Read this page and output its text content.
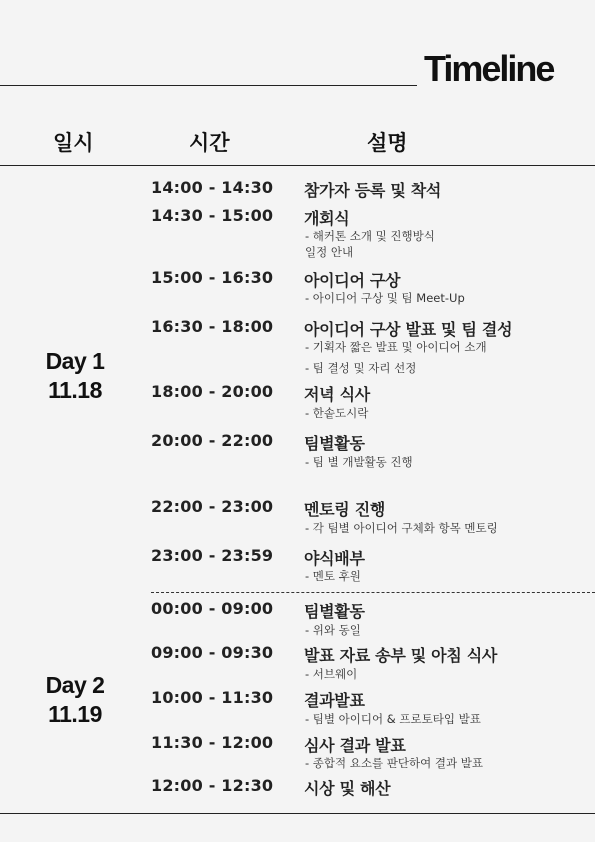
Timeline
일시	시간	설명
Day 1
11.18
Day 2
11.19
14:00 - 14:30 참가자 등록 및 착석
14:30 - 15:00 개회식
- 해커톤 소개 및 진행방식
일정 안내
15:00 - 16:30 아이디어 구상
- 아이디어 구상 및 팀 Meet-Up
16:30 - 18:00 아이디어 구상 발표 및 팀 결성
- 기획자 짧은 발표 및 아이디어 소개
- 팀 결성 및 자리 선정
18:00 - 20:00 저녁 식사
- 한솥도시락
20:00 - 22:00 팀별활동
- 팀 별 개발활동 진행
22:00 - 23:00 멘토링 진행
- 각 팀별 아이디어 구체화 항목 멘토링
23:00 - 23:59 야식배부
- 멘토 후원
00:00 - 09:00 팀별활동
- 위와 동일
09:00 - 09:30 발표 자료 송부 및 아침 식사
- 서브웨이
10:00 - 11:30 결과발표
- 팀별 아이디어 & 프로토타입 발표
11:30 - 12:00 심사 결과 발표
- 종합적 요소를 판단하여 결과 발표
12:00 - 12:30 시상 및 해산
